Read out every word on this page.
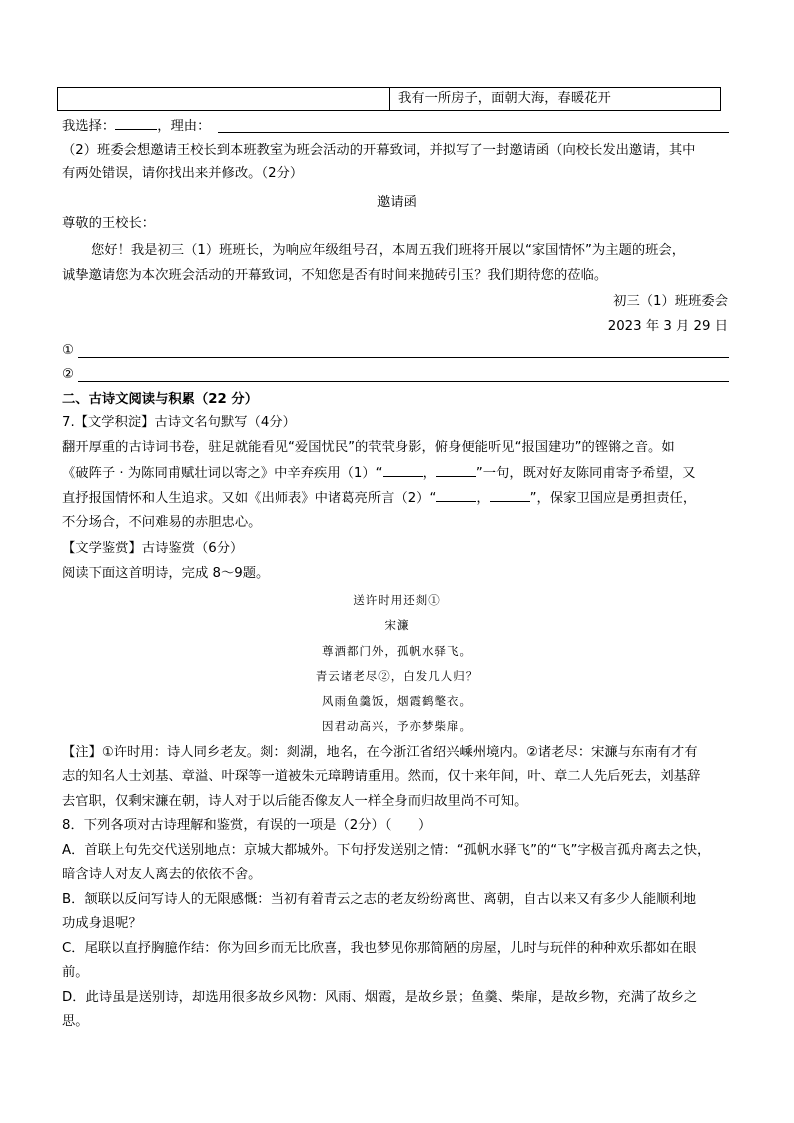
我有一所房子，面朝大海，春暖花开
我选择：	，理由：
（2）班委会想邀请王校长到本班教室为班会活动的开幕致词，并拟写了一封邀请函（向校长发出邀请，其中
有两处错误，请你找出来并修改。（2分）
邀请函
尊敬的王校长：
您好！我是初三（1）班班长，为响应年级组号召，本周五我们班将开展以“家国情怀”为主题的班会，
诚挚邀请您为本次班会活动的开幕致词，不知您是否有时间来抛砖引玉？我们期待您的莅临。
初三（1）班班委会
2023 年 3 月 29 日
①
②
二、古诗文阅读与积累（22 分）
7.【文学积淀】古诗文名句默写（4分）
翻开厚重的古诗词书卷，驻足就能看见“爱国忧民”的茕茕身影，俯身便能听见“报国建功”的铿锵之音。如
《破阵子 · 为陈同甫赋壮词以寄之》中辛弃疾用（1）“	，	”一句，既对好友陈同甫寄予希望，又
直抒报国情怀和人生追求。又如《出师表》中诸葛亮所言（2）“	，	”，保家卫国应是勇担责任，
不分场合，不问难易的赤胆忠心。
【文学鉴赏】古诗鉴赏（6分）
阅读下面这首明诗，完成 8～9题。
送许时用还剡①
宋濂
尊酒都门外，孤帆水驿飞。
青云诸老尽②，白发几人归？
风雨鱼羹饭，烟霞鹤氅衣。
因君动高兴，予亦梦柴扉。
【注】①许时用：诗人同乡老友。剡：剡湖，地名，在今浙江省绍兴嵊州境内。②诸老尽：宋濂与东南有才有
志的知名人士刘基、章溢、叶琛等一道被朱元璋聘请重用。然而，仅十来年间，叶、章二人先后死去，刘基辞
去官职，仅剩宋濂在朝，诗人对于以后能否像友人一样全身而归故里尚不可知。
8．下列各项对古诗理解和鉴赏，有误的一项是（2分）（　　）
A．首联上句先交代送别地点：京城大都城外。下句抒发送别之情：“孤帆水驿飞”的“飞”字极言孤舟离去之快，
暗含诗人对友人离去的依依不舍。
B．颔联以反问写诗人的无限感慨：当初有着青云之志的老友纷纷离世、离朝，自古以来又有多少人能顺利地
功成身退呢？
C．尾联以直抒胸臆作结：你为回乡而无比欣喜，我也梦见你那简陋的房屋，儿时与玩伴的种种欢乐都如在眼
前。
D．此诗虽是送别诗，却选用很多故乡风物：风雨、烟霞，是故乡景；鱼羹、柴扉，是故乡物，充满了故乡之
思。
